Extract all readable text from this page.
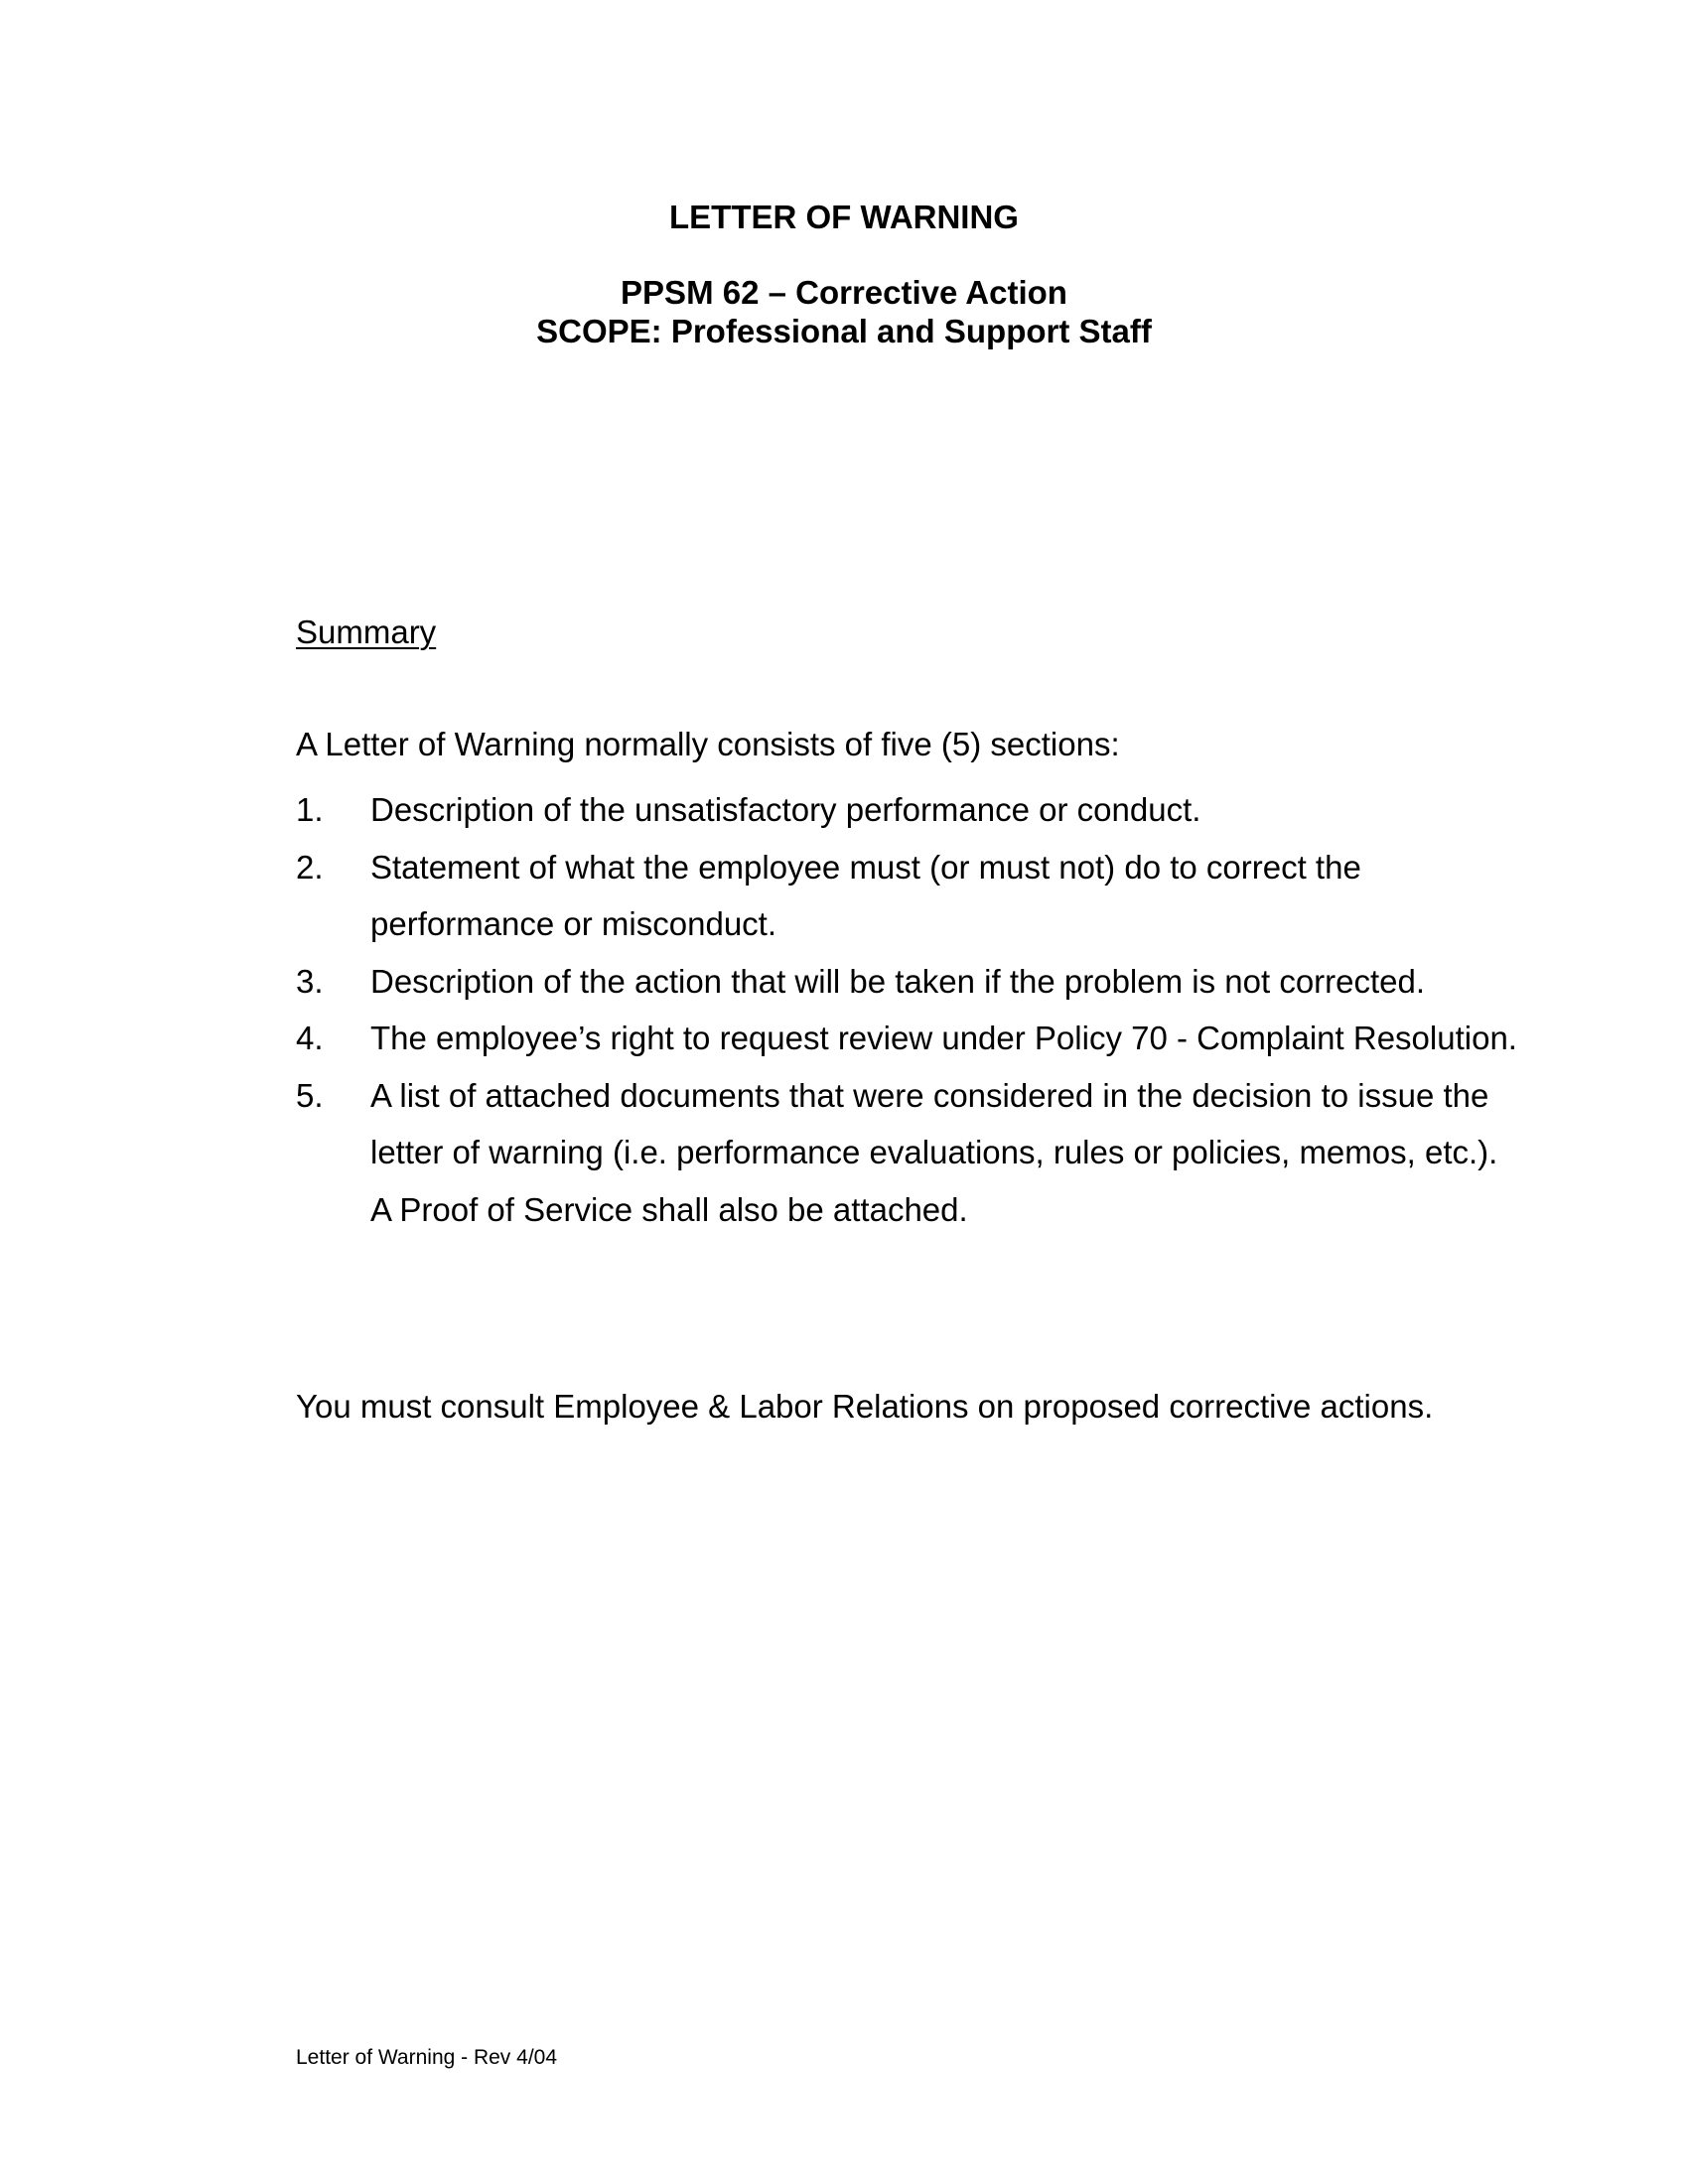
LETTER OF WARNING
PPSM 62 – Corrective Action
SCOPE: Professional and Support Staff
Summary
A Letter of Warning normally consists of five (5) sections:
1. Description of the unsatisfactory performance or conduct.
2. Statement of what the employee must (or must not) do to correct the performance or misconduct.
3. Description of the action that will be taken if the problem is not corrected.
4. The employee’s right to request review under Policy 70 - Complaint Resolution.
5. A list of attached documents that were considered in the decision to issue the letter of warning (i.e. performance evaluations, rules or policies, memos, etc.). A Proof of Service shall also be attached.
You must consult Employee & Labor Relations on proposed corrective actions.
Letter of Warning - Rev 4/04
